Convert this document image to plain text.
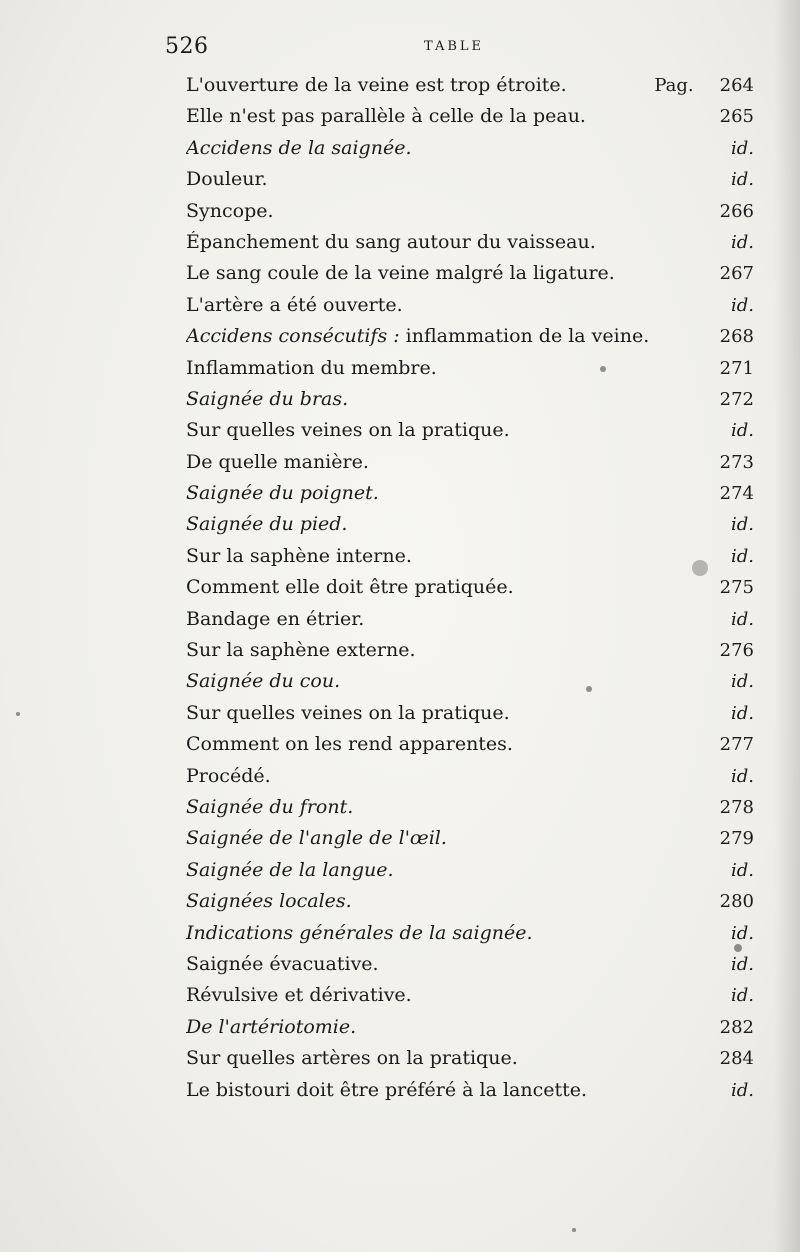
526	TABLE
L'ouverture de la veine est trop étroite.	Pag. 264
Elle n'est pas parallèle à celle de la peau.	265
Accidens de la saignée.	id.
Douleur.	id.
Syncope.	266
Épanchement du sang autour du vaisseau.	id.
Le sang coule de la veine malgré la ligature.	267
L'artère a été ouverte.	id.
Accidens consécutifs : inflammation de la veine.	268
Inflammation du membre.	271
Saignée du bras.	272
Sur quelles veines on la pratique.	id.
De quelle manière.	273
Saignée du poignet.	274
Saignée du pied.	id.
Sur la saphène interne.	id.
Comment elle doit être pratiquée.	275
Bandage en étrier.	id.
Sur la saphène externe.	276
Saignée du cou.	id.
Sur quelles veines on la pratique.	id.
Comment on les rend apparentes.	277
Procédé.	id.
Saignée du front.	278
Saignée de l'angle de l'œil.	279
Saignée de la langue.	id.
Saignées locales.	280
Indications générales de la saignée.	id.
Saignée évacuative.	id.
Révulsive et dérivative.	id.
De l'artériotomie.	282
Sur quelles artères on la pratique.	284
Le bistouri doit être préféré à la lancette.	id.
